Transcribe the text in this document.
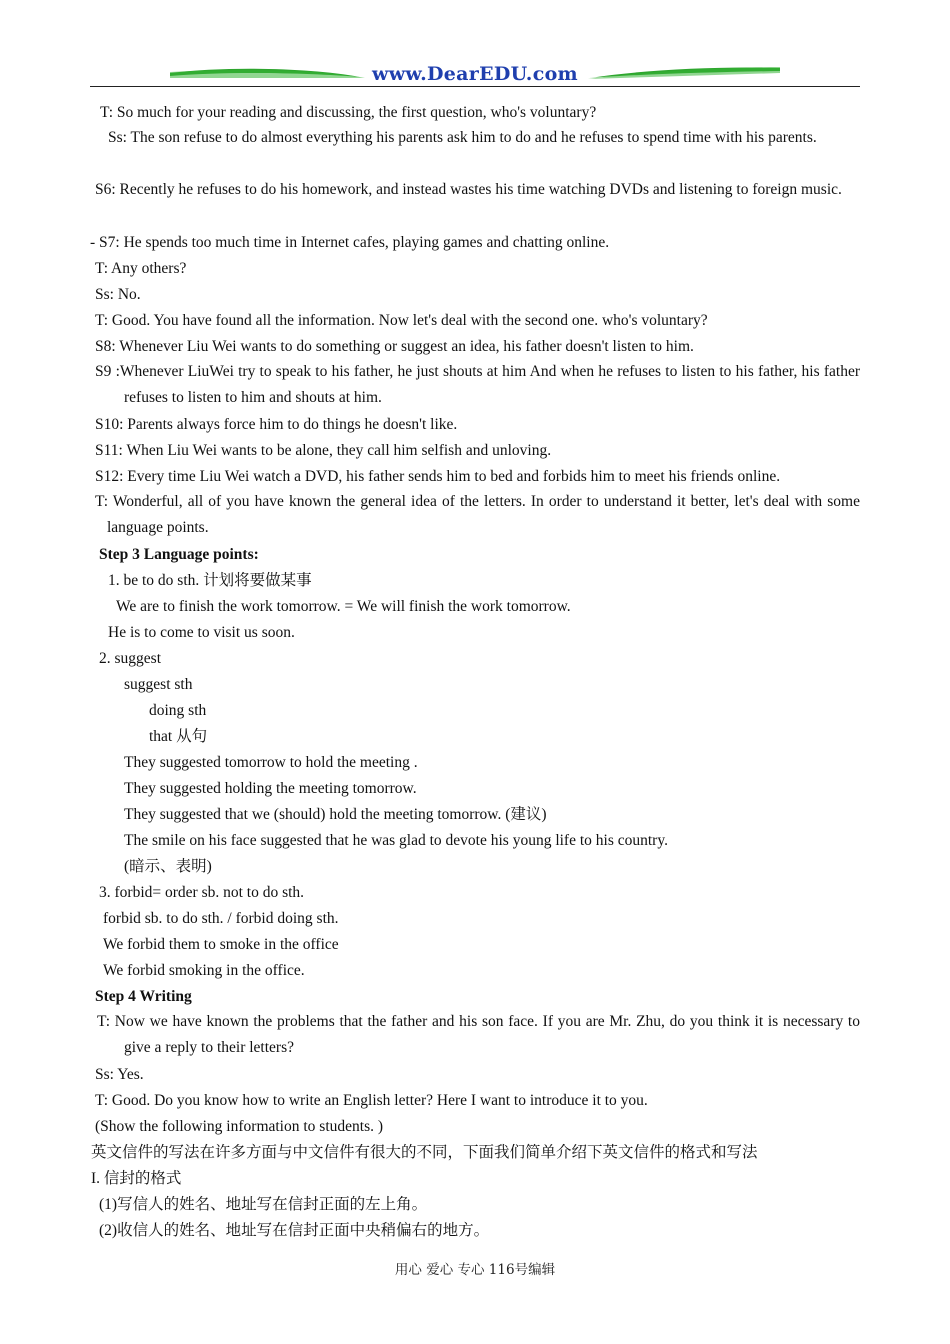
www.DearEDU.com
T: So much for your reading and discussing, the first question, who's voluntary?
Ss: The son refuse to do almost everything his parents ask him to do and he refuses to spend time with his parents.
S6: Recently he refuses to do his homework, and instead wastes his time watching DVDs and listening to foreign music.
- S7: He spends too much time in Internet cafes, playing games and chatting online.
T: Any others?
Ss: No.
T: Good. You have found all the information. Now let's deal with the second one. who's voluntary?
S8: Whenever Liu Wei wants to do something or suggest an idea, his father doesn't listen to him.
S9 :Whenever LiuWei try to speak to his father, he just shouts at him And when he refuses to listen to his father, his father refuses to listen to him and shouts at him.
S10: Parents always force him to do things he doesn't like.
S11: When Liu Wei wants to be alone, they call him selfish and unloving.
S12: Every time Liu Wei watch a DVD, his father sends him to bed and forbids him to meet his friends online.
T: Wonderful, all of you have known the general idea of the letters. In order to understand it better, let's deal with some language points.
Step 3 Language points:
1. be to do sth. 计划将要做某事
We are to finish the work tomorrow. = We will finish the work tomorrow.
He is to come to visit us soon.
2. suggest
suggest sth
doing sth
that 从句
They suggested tomorrow to hold the meeting .
They suggested holding the meeting tomorrow.
They suggested that we (should) hold the meeting tomorrow. (建议)
The smile on his face suggested that he was glad to devote his young life to his country.
(暗示、表明)
3. forbid= order sb. not to do sth.
forbid sb. to do sth. / forbid doing sth.
We forbid them to smoke in the office
We forbid smoking in the office.
Step 4 Writing
T: Now we have known the problems that the father and his son face. If you are Mr. Zhu, do you think it is necessary to give a reply to their letters?
Ss: Yes.
T: Good. Do you know how to write an English letter? Here I want to introduce it to you.
(Show the following information to students. )
英文信件的写法在许多方面与中文信件有很大的不同，下面我们简单介绍下英文信件的格式和写法
I. 信封的格式
(1)写信人的姓名、地址写在信封正面的左上角。
(2)收信人的姓名、地址写在信封正面中央稍偏右的地方。
用心 爱心 专心 116号编辑
